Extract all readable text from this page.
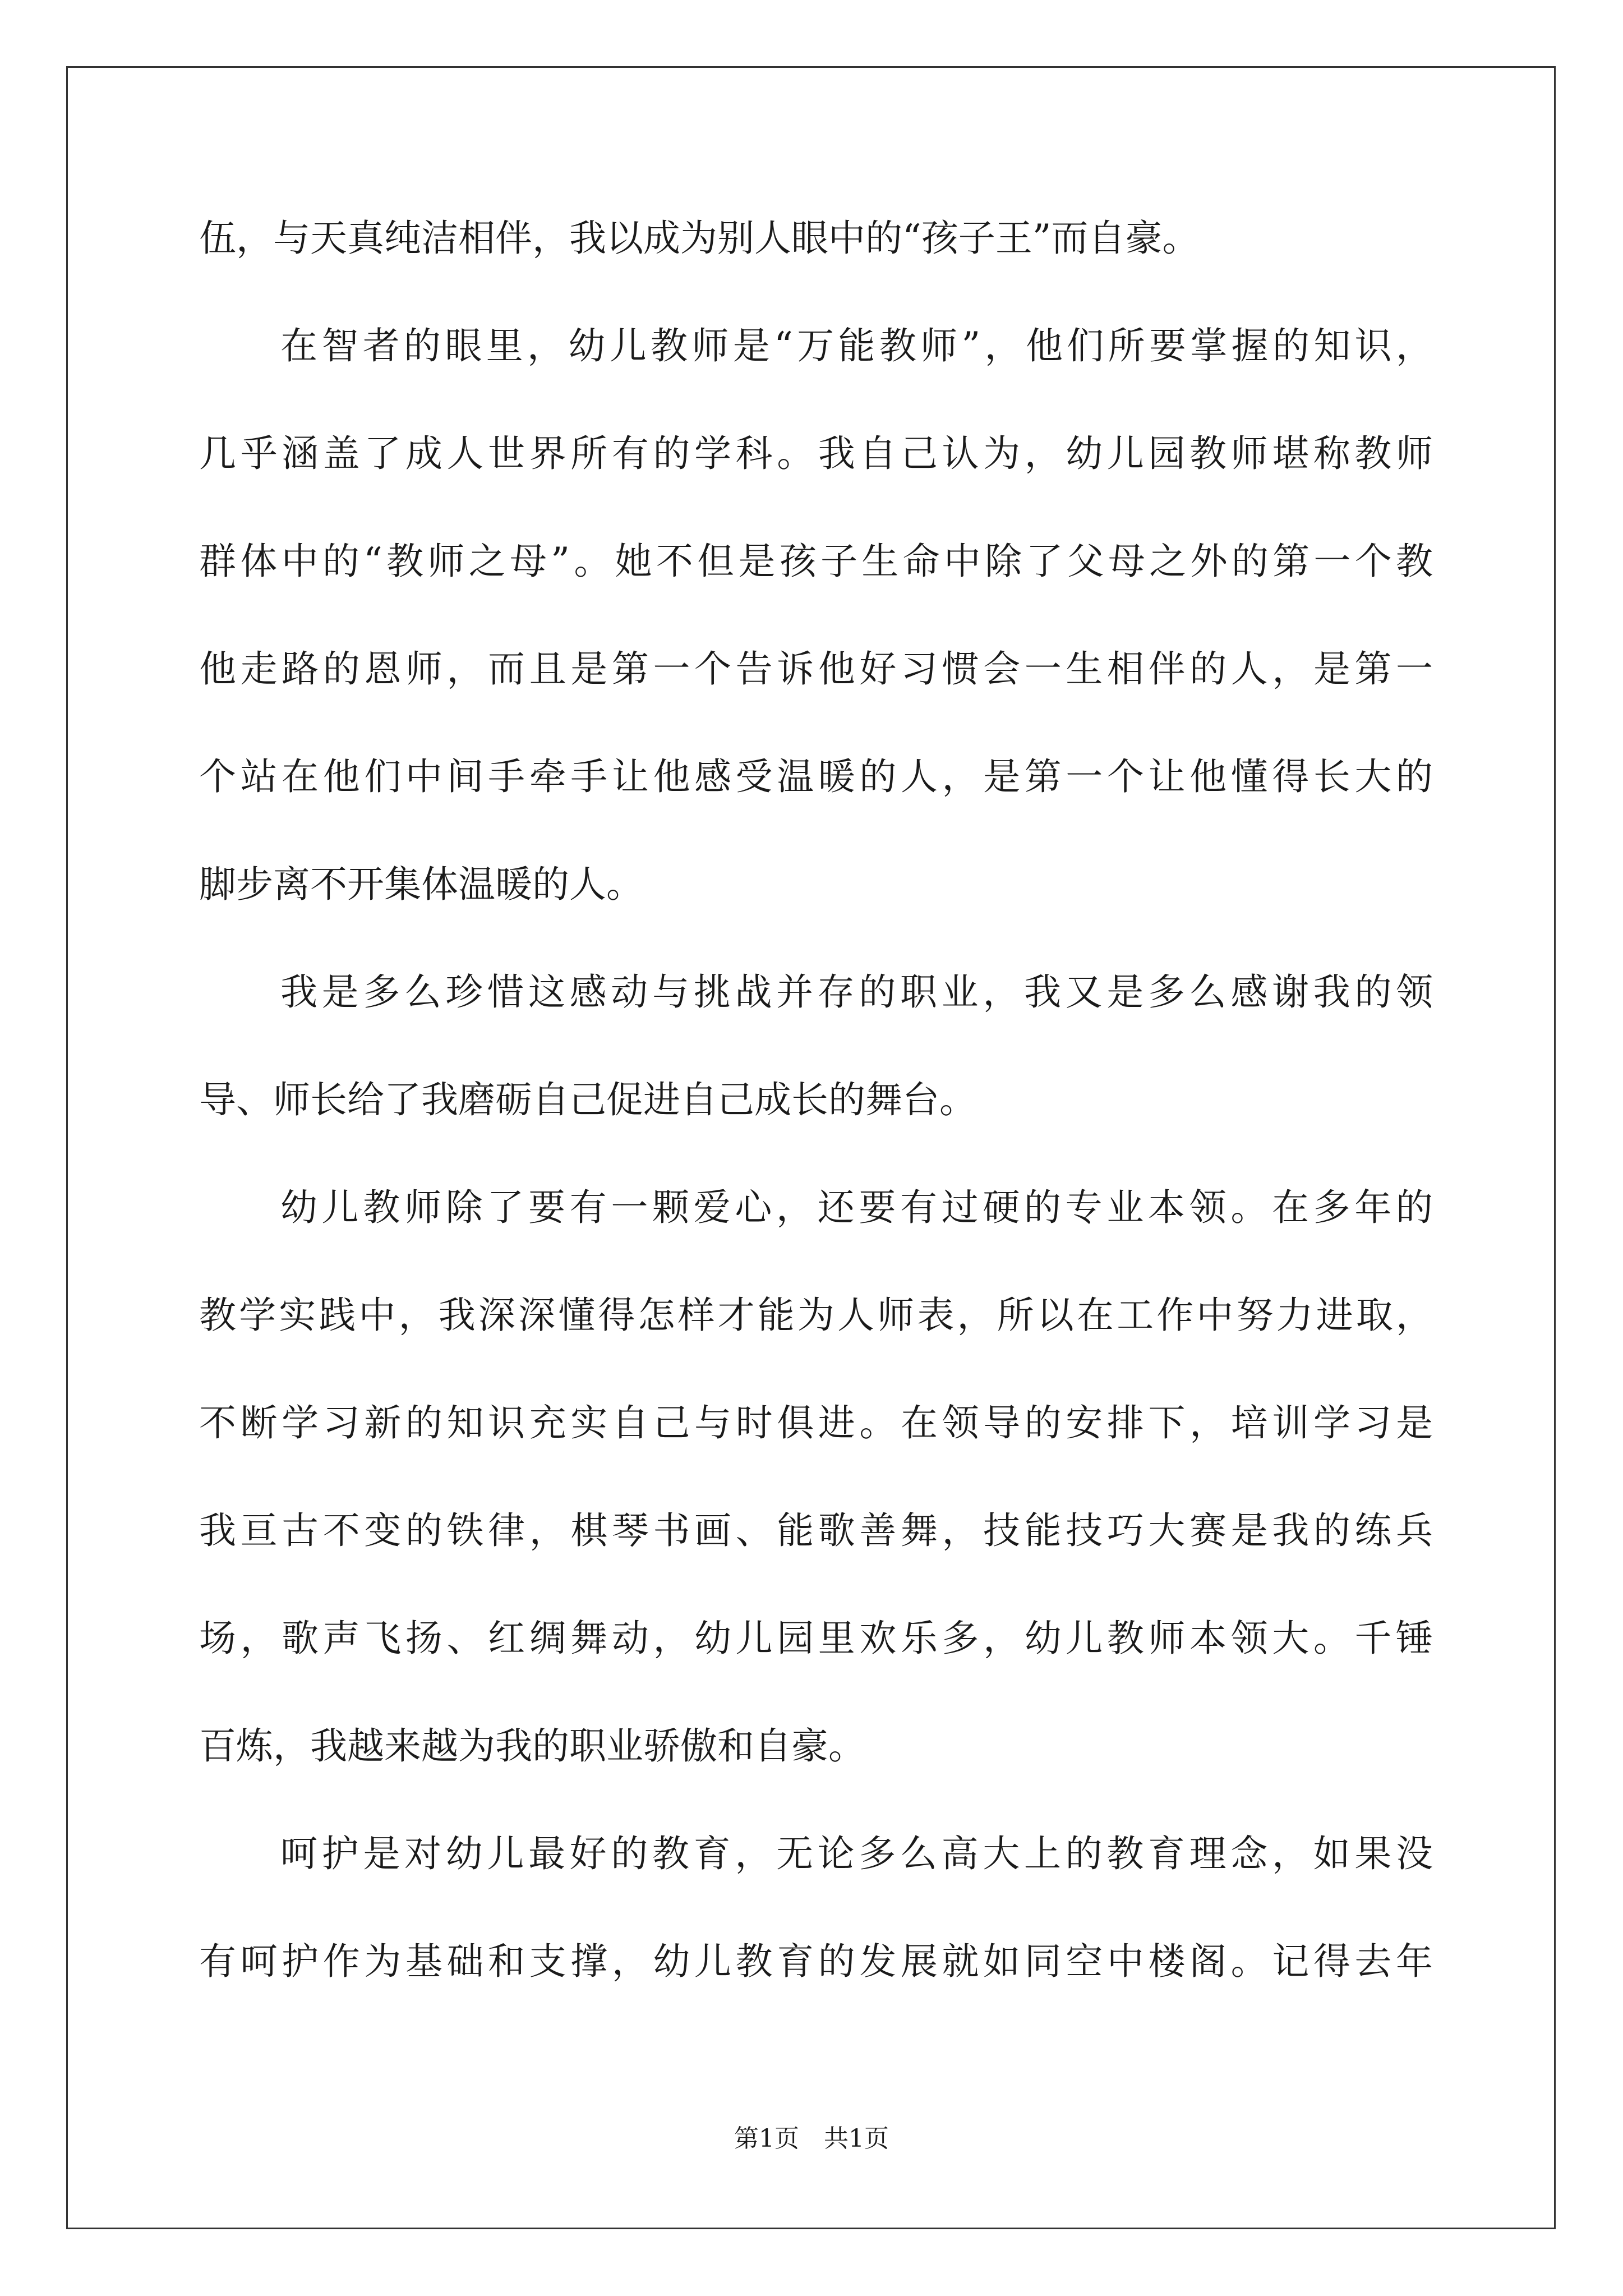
伍，与天真纯洁相伴，我以成为别人眼中的“孩子王”而自豪。
在智者的眼里，幼儿教师是“万能教师”，他们所要掌握的知识，
几乎涵盖了成人世界所有的学科。我自己认为，幼儿园教师堪称教师
群体中的“教师之母”。她不但是孩子生命中除了父母之外的第一个教
他走路的恩师，而且是第一个告诉他好习惯会一生相伴的人，是第一
个站在他们中间手牵手让他感受温暖的人，是第一个让他懂得长大的
脚步离不开集体温暖的人。
我是多么珍惜这感动与挑战并存的职业，我又是多么感谢我的领
导、师长给了我磨砺自己促进自己成长的舞台。
幼儿教师除了要有一颗爱心，还要有过硬的专业本领。在多年的
教学实践中，我深深懂得怎样才能为人师表，所以在工作中努力进取，
不断学习新的知识充实自己与时俱进。在领导的安排下，培训学习是
我亘古不变的铁律，棋琴书画、能歌善舞，技能技巧大赛是我的练兵
场，歌声飞扬、红绸舞动，幼儿园里欢乐多，幼儿教师本领大。千锤
百炼，我越来越为我的职业骄傲和自豪。
呵护是对幼儿最好的教育，无论多么高大上的教育理念，如果没
有呵护作为基础和支撑，幼儿教育的发展就如同空中楼阁。记得去年
第1页　共1页
